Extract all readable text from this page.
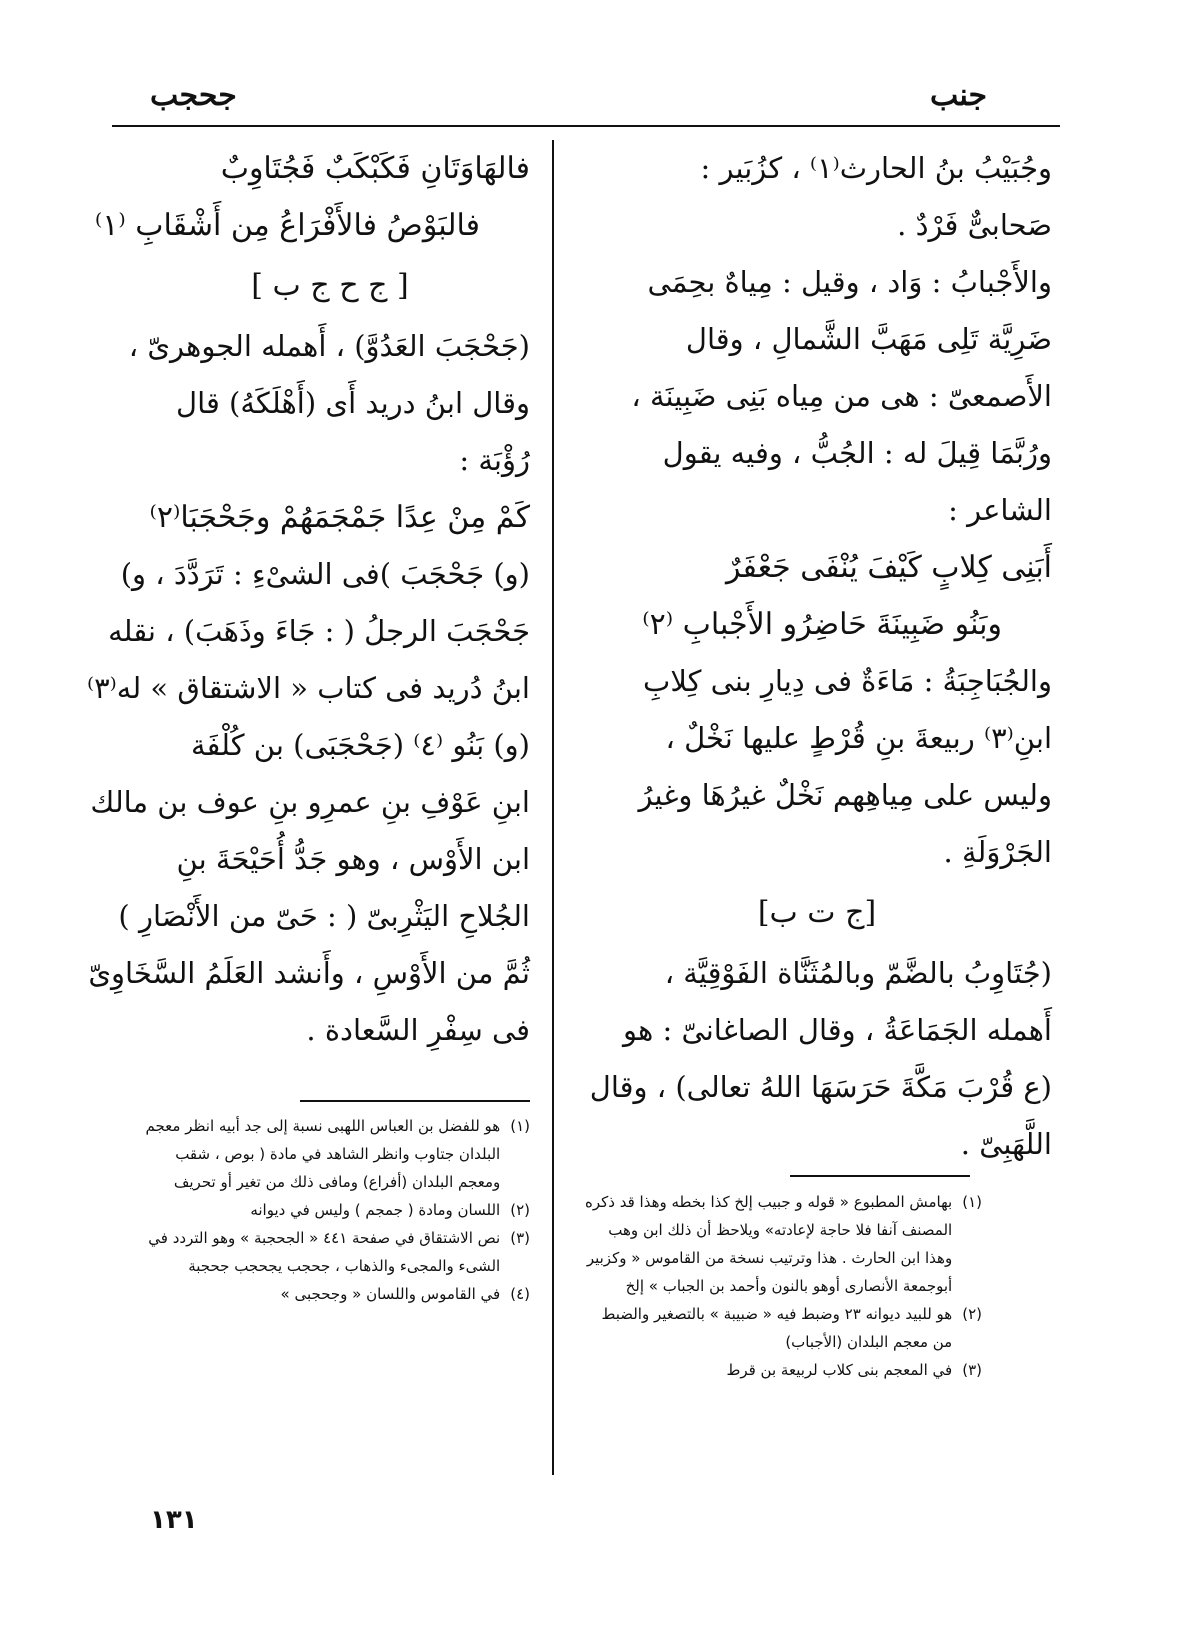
جحجب	جنب

وجُبَيْبُ بنُ الحارث⁽١⁾ ، كزُبَير :

صَحابىٌّ فَرْدٌ .

والأَجْبابُ : وَاد ، وقيل : مِياهٌ بحِمَى

ضَرِيَّة تَلِى مَهَبَّ الشَّمالِ ، وقال

الأَصمعىّ : هى من مِياه بَنِى ضَبِينَة ،

ورُبَّمَا قِيلَ له : الجُبُّ ، وفيه يقول

الشاعر :

أَبَنِى كِلابٍ كَيْفَ يُنْفَى جَعْفَرٌ

وبَنُو ضَبِينَةَ حَاضِرُو الأَجْبابِ ⁽٢⁾

والجُبَاجِبَةُ : مَاءَةٌ فى دِيارِ بنى كِلابِ

ابنِ⁽٣⁾ ربيعةَ بنِ قُرْطٍ عليها نَخْلٌ ،

وليس على مِياهِهم نَخْلٌ غيرُهَا وغيرُ

الجَرْوَلَةِ .

[ج ت ب]

(جُتَاوِبُ بالضَّمّ وبالمُثَنَّاة الفَوْقِيَّة ،

أَهمله الجَمَاعَةُ ، وقال الصاغانىّ : هو

(ع قُرْبَ مَكَّةَ حَرَسَهَا اللهُ تعالى) ، وقال

اللَّهَبِىّ .

فالهَاوَتَانِ فَكَبْكَبٌ فَجُتَاوِبٌ

فالبَوْصُ فالأَفْرَاعُ مِن أَشْقَابِ ⁽١⁾

[ ج ح ج ب ]

(جَحْجَبَ العَدُوَّ) ، أَهمله الجوهرىّ ،

وقال ابنُ دريد أَى (أَهْلَكَهُ) قال

رُؤْبَة :

كَمْ مِنْ عِدًا جَمْجَمَهُمْ وجَحْجَبَا⁽٢⁾

(و) جَحْجَبَ )فى الشىْءِ : تَرَدَّدَ ، و)

جَحْجَبَ الرجلُ ( : جَاءَ وذَهَبَ) ، نقله

ابنُ دُريد فى كتاب « الاشتقاق » له⁽٣⁾

(و) بَنُو ⁽٤⁾ (جَحْجَبَى) بن كُلْفَة

ابنِ عَوْفِ بنِ عمرِو بنِ عوف بن مالك

ابن الأَوْس ، وهو جَدُّ أُحَيْحَةَ بنِ

الجُلاحِ اليَثْرِبىّ ( : حَىّ من الأَنْصَارِ )

ثُمَّ من الأَوْسِ ، وأَنشد العَلَمُ السَّخَاوِىّ

فى سِفْرِ السَّعادة .

(١)
بهامش المطبوع « قوله و جبيب إلخ كذا بخطه وهذا قد ذكره المصنف آنفا فلا حاجة لإعادته» ويلاحظ أن ذلك ابن وهب وهذا ابن الحارث . هذا وترتيب نسخة من القاموس « وكزبير أبوجمعة الأنصارى أوهو بالنون وأحمد بن الجباب » إلخ
(٢)
هو للبيد ديوانه ٢٣ وضبط فيه « ضبيبة » بالتصغير والضبط من معجم البلدان (الأجباب)
(٣)
في المعجم بنى كلاب لربيعة بن قرط
(١)
هو للفضل بن العباس اللهبى نسبة إلى جد أبيه انظر معجم البلدان جتاوب وانظر الشاهد في مادة ( بوص ، شقب ومعجم البلدان (أفراع) ومافى ذلك من تغير أو تحريف
(٢)
اللسان ومادة ( جمجم ) وليس في ديوانه
(٣)
نص الاشتقاق في صفحة ٤٤١ « الجحجبة » وهو التردد في الشىء والمجىء والذهاب ، جحجب يجحجب جحجبة
(٤)
في القاموس واللسان « وجحجبى »
١٣١
